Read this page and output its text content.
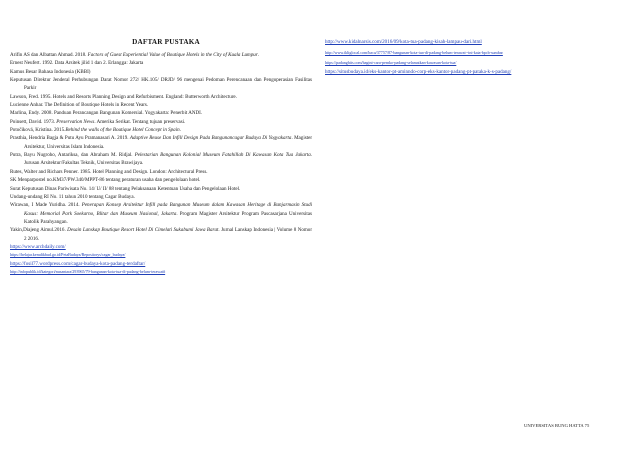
DAFTAR PUSTAKA

Arifin AS dan Albattan Ahmad. 2018. Factors of Guest Experiential Value of Boutique Hotels in the City of Kuala Lumpur.

Ernest Neufert. 1992. Data Arsitek jilid 1 dan 2. Erlangga: Jakarta

Kamus Besar Bahasa Indonesia (KBBI)

Keputusan Direktur Jenderal Perhubungan Darat Nomor 272/ HK.105/ DRJD/ 96 mengenai Pedoman Perencanaan dan Pengoperasian Fasilitas Parkir

Lawson, Fred. 1995. Hotels and Resorts Planning Design and Refurbisment. England: Butterworth Architecture.

Lucienne Anhar. The Definition of Boutique Hotels in Recent Years.

Marlina, Endy. 2008. Panduan Perancangan Bangunan Komersial. Yogyakarta: Penerbit ANDI.

Poinsett, David. 1973. Preservation News. Amerika Serikat. Tentang tujuan preservasi.

Potočiková, Kristína. 2015.Behind the walls of the Boutique Hotel Concept in Spain.

Prasthia, Hendria Bagja & Putu Ayu Pramanasari A. 2019. Adaptive Reuse Dan Infill Design Pada Bangunancagar Budaya Di Yogyakarta. Magister Arsitektur, Universitas Islam Indonesia.

Putra, Bayu Nugroho, Antariksa, dan Abraham M. Ridjal. Pelestarian Bangunan Kolonial Museum Fatahillah Di Kawasan Kota Tua Jakarta. Jurusan Arsitektur/Fakultas Teknik, Universitas Brawijaya.

Rutes, Walter and Richars Penner. 1985. Hotel Planning and Design. London: Architectural Press.

SK Menparpostel no.KM37/PW.340/MPPT-86 tentang peraturan usaha dan pengelolaan hotel.

Surat Keputusan Dinas Pariwisata No. 14/ U/ II/ 88 tentang Pelaksanaan Ketentuan Usaha dan Pengelolaan Hotel.

Undang-undang RI No. 11 tahun 2010 tentang Cagar Budaya.

Wirawan, I Made Yuridha. 2014. Penerapan Konsep Arsitektur Infill pada Bangunan Museum dalam Kawasan Heritage di Banjarmasin Studi Kasus: Memorial Park Soekarno, Blitar dan Museum Nasional, Jakarta. Program Magister Arsitektur Program Pascasarjana Universitas Katolik Parahyangan.

Yakin,Diajeng Aimul.2016. Desain Lanskap Boutique Resort Hotel Di Cimelati Sukabumi Jawa Barat. Jurnal Lanskap Indonesia | Volume 8 Nomor 2 2016.

https://www.archdaily.com/
https://belajar.kemdikbud.go.id/PetaBudaya/Repositorys/cagar_budaya/
https://fosil77.wordpress.com/cagar-budaya-kota-padang-terdaftar/
http://infopublik.id/kategori/nusantara/293965/79-bangunan-kota-tua-di-padang-belum-terawat#
http://www.kidalnarsis.com/2016/09/kota-tua-padang-kisah-lampau-dari.html
http://www.ikliglocal.com/baca/37757/87-bangunan-kota-tua-di-padang-belum-terawat--ini-kata-bpcb-sumbar
https://padanghits.com/bagini-cara-pemko-padang-selamatkan-kawasan-kota-tua/
https://situsbudaya.id/eks-kantor-pt-aminndo-corp-eks-kantor-padang-pt-pataka-k-s-padang/
UNIVERSITAS BUNG HATTA 75
